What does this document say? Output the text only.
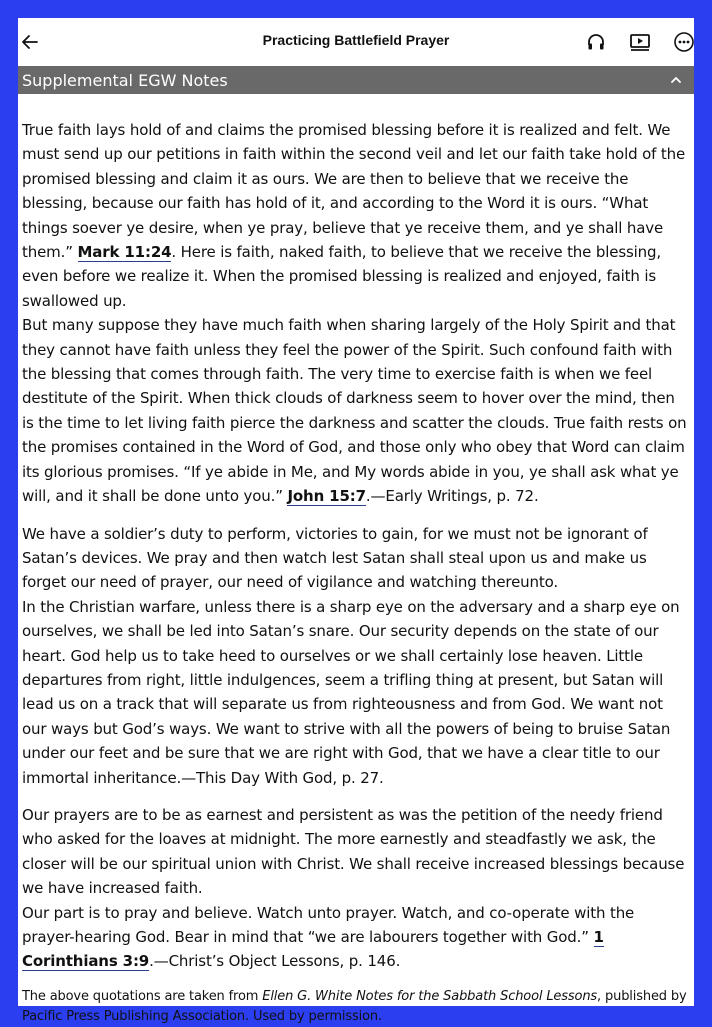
Practicing Battlefield Prayer
Supplemental EGW Notes

True faith lays hold of and claims the promised blessing before it is realized and felt. We must send up our petitions in faith within the second veil and let our faith take hold of the promised blessing and claim it as ours. We are then to believe that we receive the blessing, because our faith has hold of it, and according to the Word it is ours. “What things soever ye desire, when ye pray, believe that ye receive them, and ye shall have them.” Mark 11:24. Here is faith, naked faith, to believe that we receive the blessing, even before we realize it. When the promised blessing is realized and enjoyed, faith is swallowed up.

But many suppose they have much faith when sharing largely of the Holy Spirit and that they cannot have faith unless they feel the power of the Spirit. Such confound faith with the blessing that comes through faith. The very time to exercise faith is when we feel destitute of the Spirit. When thick clouds of darkness seem to hover over the mind, then is the time to let living faith pierce the darkness and scatter the clouds. True faith rests on the promises contained in the Word of God, and those only who obey that Word can claim its glorious promises. “If ye abide in Me, and My words abide in you, ye shall ask what ye will, and it shall be done unto you.” John 15:7.—Early Writings, p. 72.

We have a soldier’s duty to perform, victories to gain, for we must not be ignorant of Satan’s devices. We pray and then watch lest Satan shall steal upon us and make us forget our need of prayer, our need of vigilance and watching thereunto.

In the Christian warfare, unless there is a sharp eye on the adversary and a sharp eye on ourselves, we shall be led into Satan’s snare. Our security depends on the state of our heart. God help us to take heed to ourselves or we shall certainly lose heaven. Little departures from right, little indulgences, seem a trifling thing at present, but Satan will lead us on a track that will separate us from righteousness and from God. We want not our ways but God’s ways. We want to strive with all the powers of being to bruise Satan under our feet and be sure that we are right with God, that we have a clear title to our immortal inheritance.—This Day With God, p. 27.

Our prayers are to be as earnest and persistent as was the petition of the needy friend who asked for the loaves at midnight. The more earnestly and steadfastly we ask, the closer will be our spiritual union with Christ. We shall receive increased blessings because we have increased faith.

Our part is to pray and believe. Watch unto prayer. Watch, and co-operate with the prayer-hearing God. Bear in mind that “we are labourers together with God.” 1 Corinthians 3:9.—Christ’s Object Lessons, p. 146.

The above quotations are taken from Ellen G. White Notes for the Sabbath School Lessons, published by Pacific Press Publishing Association. Used by permission.
